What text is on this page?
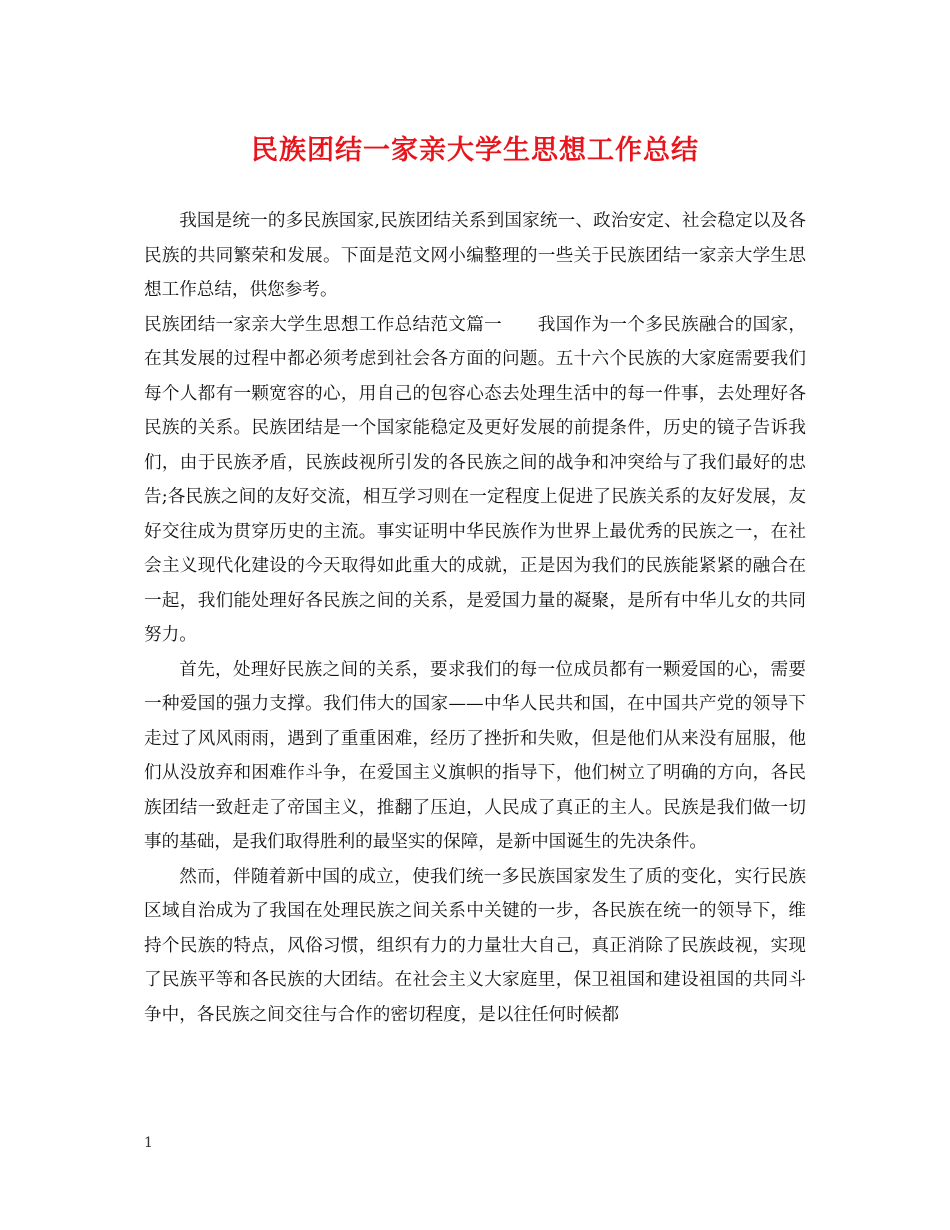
民族团结一家亲大学生思想工作总结

我国是统一的多民族国家,民族团结关系到国家统一、政治安定、社会稳定以及各民族的共同繁荣和发展。下面是范文网小编整理的一些关于民族团结一家亲大学生思想工作总结，供您参考。

民族团结一家亲大学生思想工作总结范文篇一　　我国作为一个多民族融合的国家，在其发展的过程中都必须考虑到社会各方面的问题。五十六个民族的大家庭需要我们每个人都有一颗宽容的心，用自己的包容心态去处理生活中的每一件事，去处理好各民族的关系。民族团结是一个国家能稳定及更好发展的前提条件，历史的镜子告诉我们，由于民族矛盾，民族歧视所引发的各民族之间的战争和冲突给与了我们最好的忠告;各民族之间的友好交流，相互学习则在一定程度上促进了民族关系的友好发展，友好交往成为贯穿历史的主流。事实证明中华民族作为世界上最优秀的民族之一，在社会主义现代化建设的今天取得如此重大的成就，正是因为我们的民族能紧紧的融合在一起，我们能处理好各民族之间的关系，是爱国力量的凝聚，是所有中华儿女的共同努力。

首先，处理好民族之间的关系，要求我们的每一位成员都有一颗爱国的心，需要一种爱国的强力支撑。我们伟大的国家——中华人民共和国，在中国共产党的领导下走过了风风雨雨，遇到了重重困难，经历了挫折和失败，但是他们从来没有屈服，他们从没放弃和困难作斗争，在爱国主义旗帜的指导下，他们树立了明确的方向，各民族团结一致赶走了帝国主义，推翻了压迫，人民成了真正的主人。民族是我们做一切事的基础，是我们取得胜利的最坚实的保障，是新中国诞生的先决条件。

然而，伴随着新中国的成立，使我们统一多民族国家发生了质的变化，实行民族区域自治成为了我国在处理民族之间关系中关键的一步，各民族在统一的领导下，维持个民族的特点，风俗习惯，组织有力的力量壮大自己，真正消除了民族歧视，实现了民族平等和各民族的大团结。在社会主义大家庭里，保卫祖国和建设祖国的共同斗争中，各民族之间交往与合作的密切程度，是以往任何时候都

1
